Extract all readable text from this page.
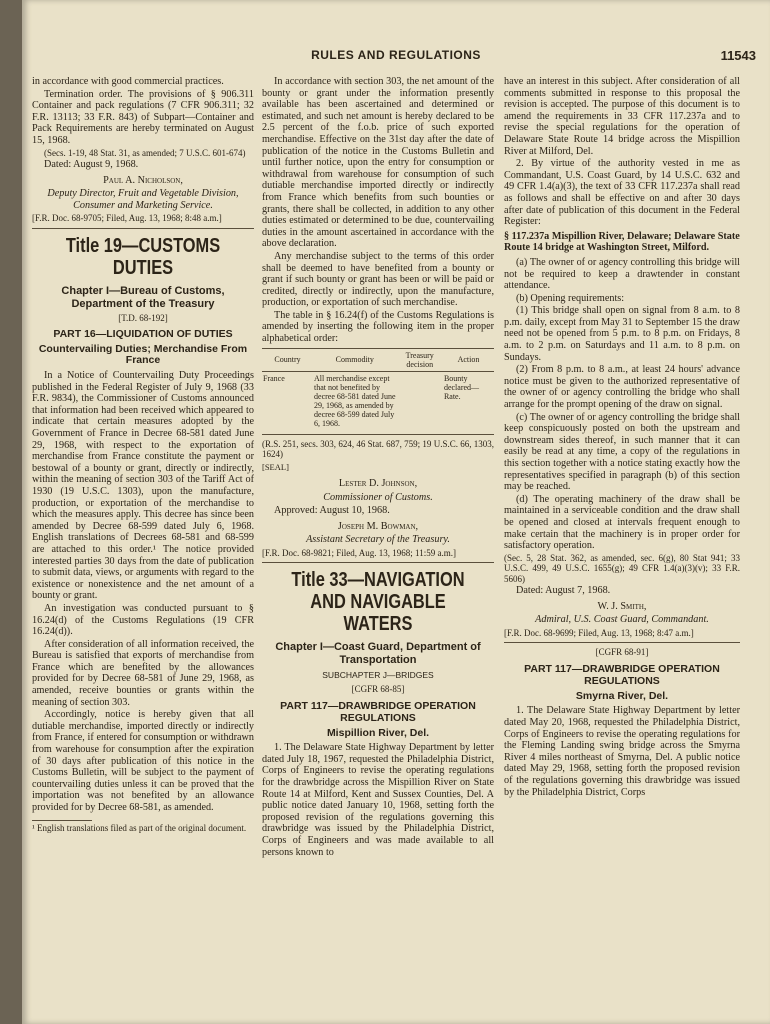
RULES AND REGULATIONS	11543

in accordance with good commercial practices.

Termination order. The provisions of § 906.311 Container and pack regulations (7 CFR 906.311; 32 F.R. 13113; 33 F.R. 843) of Subpart—Container and Pack Requirements are hereby terminated on August 15, 1968.

(Secs. 1-19, 48 Stat. 31, as amended; 7 U.S.C. 601-674)

Dated: August 9, 1968.

Paul A. Nicholson,

Deputy Director, Fruit and Vegetable Division, Consumer and Marketing Service.

[F.R. Doc. 68-9705; Filed, Aug. 13, 1968; 8:48 a.m.]

Title 19—CUSTOMS DUTIES
Chapter I—Bureau of Customs, Department of the Treasury
[T.D. 68-192]
PART 16—LIQUIDATION OF DUTIES
Countervailing Duties; Merchandise From France

In a Notice of Countervailing Duty Proceedings published in the Federal Register of July 9, 1968 (33 F.R. 9834), the Commissioner of Customs announced that information had been received which appeared to indicate that certain measures adopted by the Government of France in Decree 68-581 dated June 29, 1968, with respect to the exportation of merchandise from France constitute the payment or bestowal of a bounty or grant, directly or indirectly, within the meaning of section 303 of the Tariff Act of 1930 (19 U.S.C. 1303), upon the manufacture, production, or exportation of the merchandise to which the measures apply. This decree has since been amended by Decree 68-599 dated July 6, 1968. English translations of Decrees 68-581 and 68-599 are attached to this order.¹ The notice provided interested parties 30 days from the date of publication to submit data, views, or arguments with regard to the existence or nonexistence and the net amount of a bounty or grant.

An investigation was conducted pursuant to § 16.24(d) of the Customs Regulations (19 CFR 16.24(d)).

After consideration of all information received, the Bureau is satisfied that exports of merchandise from France which are benefited by the allowances provided for by Decree 68-581 of June 29, 1968, as amended, receive bounties or grants within the meaning of section 303.

Accordingly, notice is hereby given that all dutiable merchandise, imported directly or indirectly from France, if entered for consumption or withdrawn from warehouse for consumption after the expiration of 30 days after publication of this notice in the Customs Bulletin, will be subject to the payment of countervailing duties unless it can be proved that the importation was not benefited by an allowance provided for by Decree 68-581, as amended.

¹ English translations filed as part of the original document.

In accordance with section 303, the net amount of the bounty or grant under the information presently available has been ascertained and determined or estimated, and such net amount is hereby declared to be 2.5 percent of the f.o.b. price of such exported merchandise. Effective on the 31st day after the date of publication of the notice in the Customs Bulletin and until further notice, upon the entry for consumption or withdrawal from warehouse for consumption of such dutiable merchandise imported directly or indirectly from France which benefits from such bounties or grants, there shall be collected, in addition to any other duties estimated or determined to be due, countervailing duties in the amount ascertained in accordance with the above declaration.

Any merchandise subject to the terms of this order shall be deemed to have benefited from a bounty or grant if such bounty or grant has been or will be paid or credited, directly or indirectly, upon the manufacture, production, or exportation of such merchandise.

The table in § 16.24(f) of the Customs Regulations is amended by inserting the following item in the proper alphabetical order:

Country	Commodity	Treasury decision	Action
France	All merchandise except that not benefited by decree 68-581 dated June 29, 1968, as amended by decree 68-599 dated July 6, 1968.		Bounty declared—Rate.

(R.S. 251, secs. 303, 624, 46 Stat. 687, 759; 19 U.S.C. 66, 1303, 1624)

[SEAL]

Lester D. Johnson,

Commissioner of Customs.

Approved: August 10, 1968.

Joseph M. Bowman,

Assistant Secretary of the Treasury.

[F.R. Doc. 68-9821; Filed, Aug. 13, 1968; 11:59 a.m.]

Title 33—NAVIGATION AND NAVIGABLE WATERS
Chapter I—Coast Guard, Department of Transportation
SUBCHAPTER J—BRIDGES
[CGFR 68-85]
PART 117—DRAWBRIDGE OPERATION REGULATIONS
Mispillion River, Del.

1. The Delaware State Highway Department by letter dated July 18, 1967, requested the Philadelphia District, Corps of Engineers to revise the operating regulations for the drawbridge across the Mispillion River on State Route 14 at Milford, Kent and Sussex Counties, Del. A public notice dated January 10, 1968, setting forth the proposed revision of the regulations governing this drawbridge was issued by the Philadelphia District, Corps of Engineers and was made available to all persons known to

have an interest in this subject. After consideration of all comments submitted in response to this proposal the revision is accepted. The purpose of this document is to amend the requirements in 33 CFR 117.237a and to revise the special regulations for the operation of Delaware State Route 14 bridge across the Mispillion River at Milford, Del.

2. By virtue of the authority vested in me as Commandant, U.S. Coast Guard, by 14 U.S.C. 632 and 49 CFR 1.4(a)(3), the text of 33 CFR 117.237a shall read as follows and shall be effective on and after 30 days after date of publication of this document in the Federal Register:

§ 117.237a Mispillion River, Delaware; Delaware State Route 14 bridge at Washington Street, Milford.

(a) The owner of or agency controlling this bridge will not be required to keep a drawtender in constant attendance.

(b) Opening requirements:

(1) This bridge shall open on signal from 8 a.m. to 8 p.m. daily, except from May 31 to September 15 the draw need not be opened from 5 p.m. to 8 p.m. on Fridays, 8 a.m. to 2 p.m. on Saturdays and 11 a.m. to 8 p.m. on Sundays.

(2) From 8 p.m. to 8 a.m., at least 24 hours' advance notice must be given to the authorized representative of the owner of or agency controlling the bridge who shall arrange for the prompt opening of the draw on signal.

(c) The owner of or agency controlling the bridge shall keep conspicuously posted on both the upstream and downstream sides thereof, in such manner that it can easily be read at any time, a copy of the regulations in this section together with a notice stating exactly how the representatives specified in paragraph (b) of this section may be reached.

(d) The operating machinery of the draw shall be maintained in a serviceable condition and the draw shall be opened and closed at intervals frequent enough to make certain that the machinery is in proper order for satisfactory operation.

(Sec. 5, 28 Stat. 362, as amended, sec. 6(g), 80 Stat 941; 33 U.S.C. 499, 49 U.S.C. 1655(g); 49 CFR 1.4(a)(3)(v); 33 F.R. 5606)

Dated: August 7, 1968.

W. J. Smith,

Admiral, U.S. Coast Guard, Commandant.

[F.R. Doc. 68-9699; Filed, Aug. 13, 1968; 8:47 a.m.]

[CGFR 68-91]
PART 117—DRAWBRIDGE OPERATION REGULATIONS
Smyrna River, Del.

1. The Delaware State Highway Department by letter dated May 20, 1968, requested the Philadelphia District, Corps of Engineers to revise the operating regulations for the Fleming Landing swing bridge across the Smyrna River 4 miles northeast of Smyrna, Del. A public notice dated May 29, 1968, setting forth the proposed revision of the regulations governing this drawbridge was issued by the Philadelphia District, Corps
